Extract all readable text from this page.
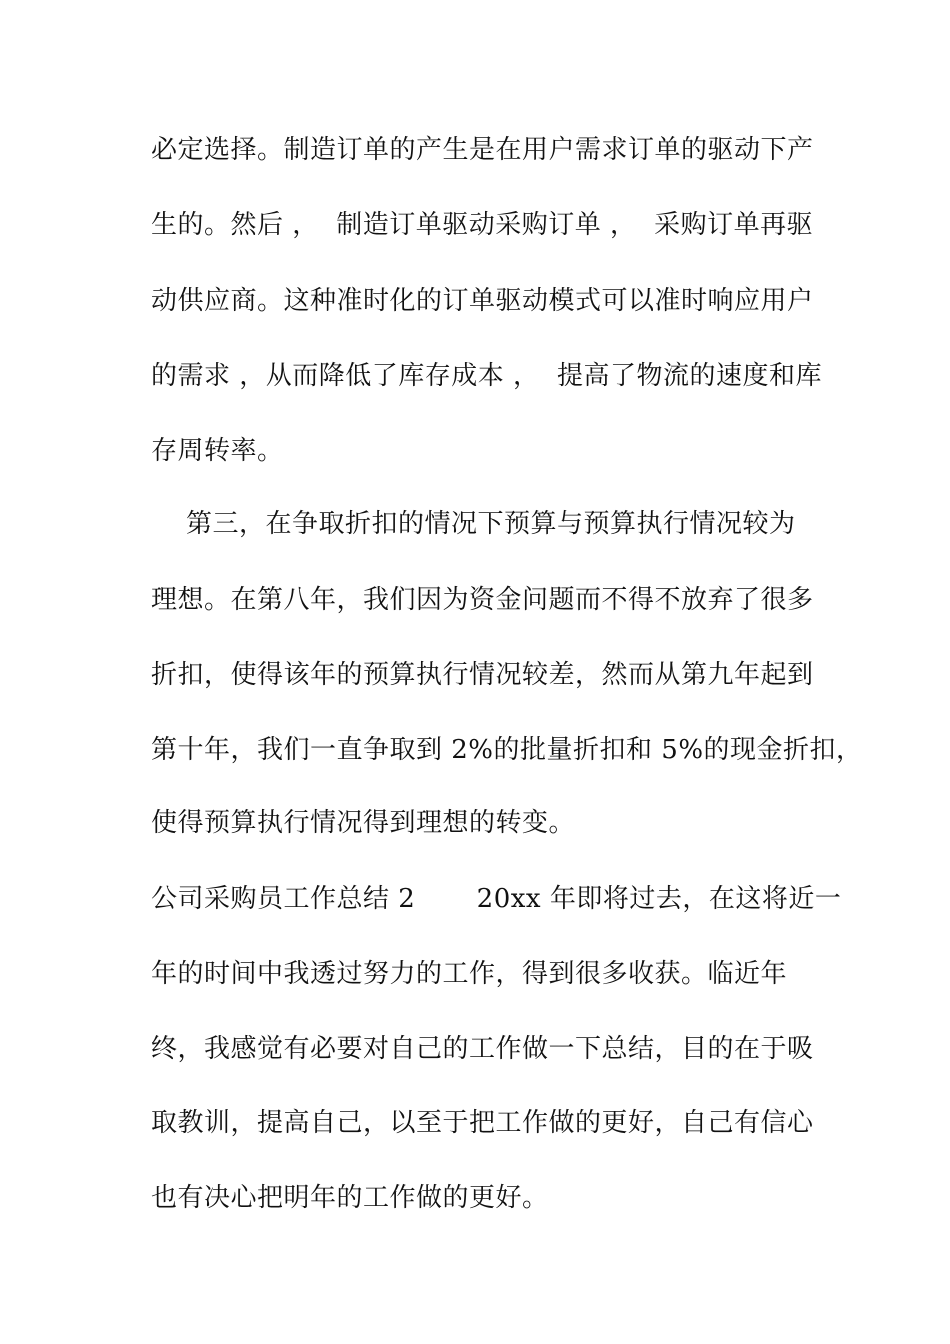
必定选择。制造订单的产生是在用户需求订单的驱动下产
生的。然后 ，  制造订单驱动采购订单 ，  采购订单再驱
动供应商。这种准时化的订单驱动模式可以准时响应用户
的需求 ，从而降低了库存成本 ，  提高了物流的速度和库
存周转率。
第三，在争取折扣的情况下预算与预算执行情况较为
理想。在第八年，我们因为资金问题而不得不放弃了很多
折扣，使得该年的预算执行情况较差，然而从第九年起到
第十年，我们一直争取到 2%的批量折扣和 5%的现金折扣，
使得预算执行情况得到理想的转变。
公司采购员工作总结 2       20xx 年即将过去，在这将近一
年的时间中我透过努力的工作，得到很多收获。临近年
终，我感觉有必要对自己的工作做一下总结，目的在于吸
取教训，提高自己，以至于把工作做的更好，自己有信心
也有决心把明年的工作做的更好。
